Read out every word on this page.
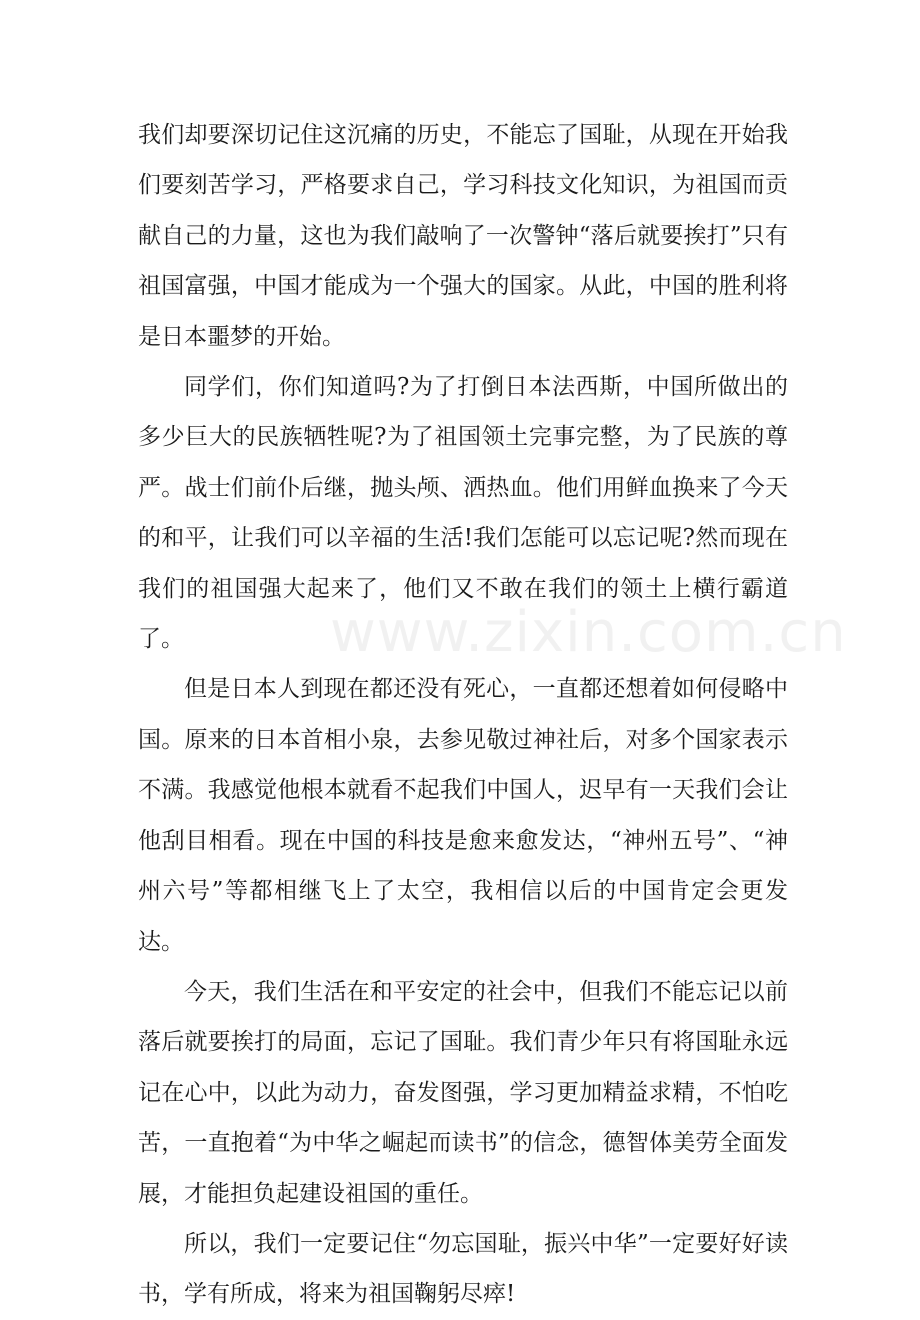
我们却要深切记住这沉痛的历史，不能忘了国耻，从现在开始我们要刻苦学习，严格要求自己，学习科技文化知识，为祖国而贡献自己的力量，这也为我们敲响了一次警钟“落后就要挨打”只有祖国富强，中国才能成为一个强大的国家。从此，中国的胜利将是日本噩梦的开始。

同学们，你们知道吗?为了打倒日本法西斯，中国所做出的多少巨大的民族牺牲呢?为了祖国领土完事完整，为了民族的尊严。战士们前仆后继，抛头颅、洒热血。他们用鲜血换来了今天的和平，让我们可以辛福的生活!我们怎能可以忘记呢?然而现在我们的祖国强大起来了，他们又不敢在我们的领土上横行霸道了。

但是日本人到现在都还没有死心，一直都还想着如何侵略中国。原来的日本首相小泉，去参见敬过神社后，对多个国家表示不满。我感觉他根本就看不起我们中国人，迟早有一天我们会让他刮目相看。现在中国的科技是愈来愈发达，“神州五号”、“神州六号”等都相继飞上了太空，我相信以后的中国肯定会更发达。

今天，我们生活在和平安定的社会中，但我们不能忘记以前落后就要挨打的局面，忘记了国耻。我们青少年只有将国耻永远记在心中，以此为动力，奋发图强，学习更加精益求精，不怕吃苦，一直抱着“为中华之崛起而读书”的信念，德智体美劳全面发展，才能担负起建设祖国的重任。

所以，我们一定要记住“勿忘国耻，振兴中华”一定要好好读书，学有所成，将来为祖国鞠躬尽瘁!

www.zixin.com.cn
